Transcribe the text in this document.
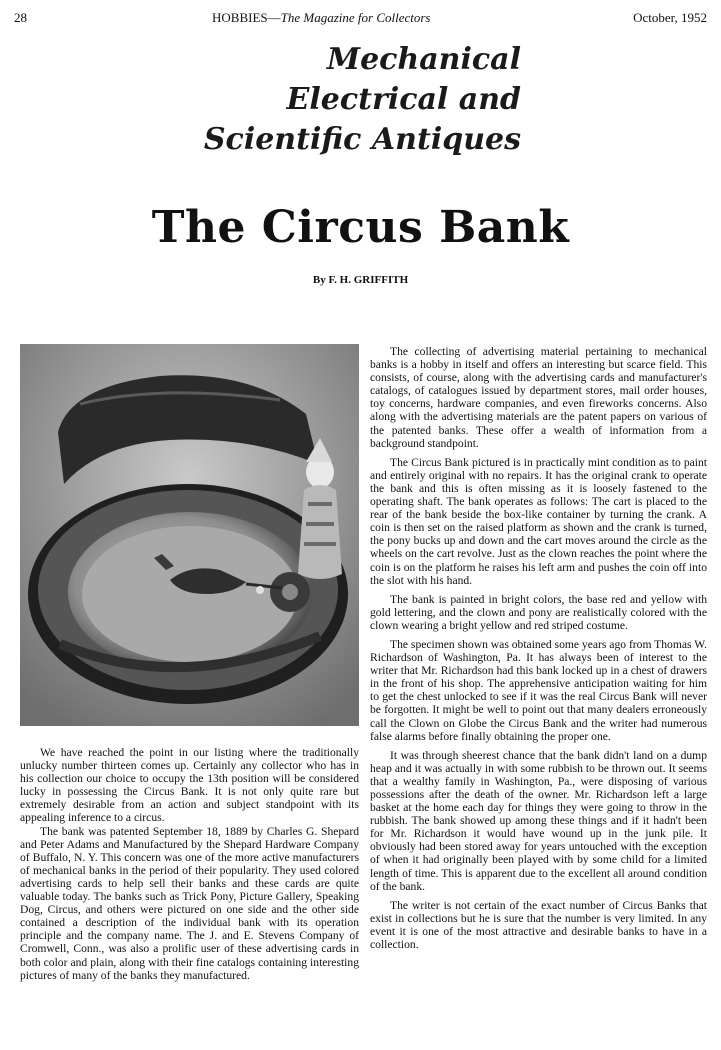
28	HOBBIES—The Magazine for Collectors	October, 1952
Mechanical
Electrical and
Scientific Antiques
The Circus Bank
By F. H. GRIFFITH

We have reached the point in our listing where the traditionally unlucky number thirteen comes up. Certainly any collector who has in his collection our choice to occupy the 13th position will be considered lucky in possessing the Circus Bank. It is not only quite rare but extremely desirable from an action and subject standpoint with its appealing inference to a circus.

The bank was patented September 18, 1889 by Charles G. Shepard and Peter Adams and Manufactured by the Shepard Hardware Company of Buffalo, N. Y. This concern was one of the more active manufacturers of mechanical banks in the period of their popularity. They used colored advertising cards to help sell their banks and these cards are quite valuable today. The banks such as Trick Pony, Picture Gallery, Speaking Dog, Circus, and others were pictured on one side and the other side contained a description of the individual bank with its operation principle and the company name. The J. and E. Stevens Company of Cromwell, Conn., was also a prolific user of these advertising cards in both color and plain, along with their fine catalogs containing interesting pictures of many of the banks they manufactured.

The collecting of advertising material pertaining to mechanical banks is a hobby in itself and offers an interesting but scarce field. This consists, of course, along with the advertising cards and manufacturer's catalogs, of catalogues issued by department stores, mail order houses, toy concerns, hardware companies, and even fireworks concerns. Also along with the advertising materials are the patent papers on various of the patented banks. These offer a wealth of information from a background standpoint.

The Circus Bank pictured is in practically mint condition as to paint and entirely original with no repairs. It has the original crank to operate the bank and this is often missing as it is loosely fastened to the operating shaft. The bank operates as follows: The cart is placed to the rear of the bank beside the box-like container by turning the crank. A coin is then set on the raised platform as shown and the crank is turned, the pony bucks up and down and the cart moves around the circle as the wheels on the cart revolve. Just as the clown reaches the point where the coin is on the platform he raises his left arm and pushes the coin off into the slot with his hand.

The bank is painted in bright colors, the base red and yellow with gold lettering, and the clown and pony are realistically colored with the clown wearing a bright yellow and red striped costume.

The specimen shown was obtained some years ago from Thomas W. Richardson of Washington, Pa. It has always been of interest to the writer that Mr. Richardson had this bank locked up in a chest of drawers in the front of his shop. The apprehensive anticipation waiting for him to get the chest unlocked to see if it was the real Circus Bank will never be forgotten. It might be well to point out that many dealers erroneously call the Clown on Globe the Circus Bank and the writer had numerous false alarms before finally obtaining the proper one.

It was through sheerest chance that the bank didn't land on a dump heap and it was actually in with some rubbish to be thrown out. It seems that a wealthy family in Washington, Pa., were disposing of various possessions after the death of the owner. Mr. Richardson left a large basket at the home each day for things they were going to throw in the rubbish. The bank showed up among these things and if it hadn't been for Mr. Richardson it would have wound up in the junk pile. It obviously had been stored away for years untouched with the exception of when it had originally been played with by some child for a limited length of time. This is apparent due to the excellent all around condition of the bank.

The writer is not certain of the exact number of Circus Banks that exist in collections but he is sure that the number is very limited. In any event it is one of the most attractive and desirable banks to have in a collection.
